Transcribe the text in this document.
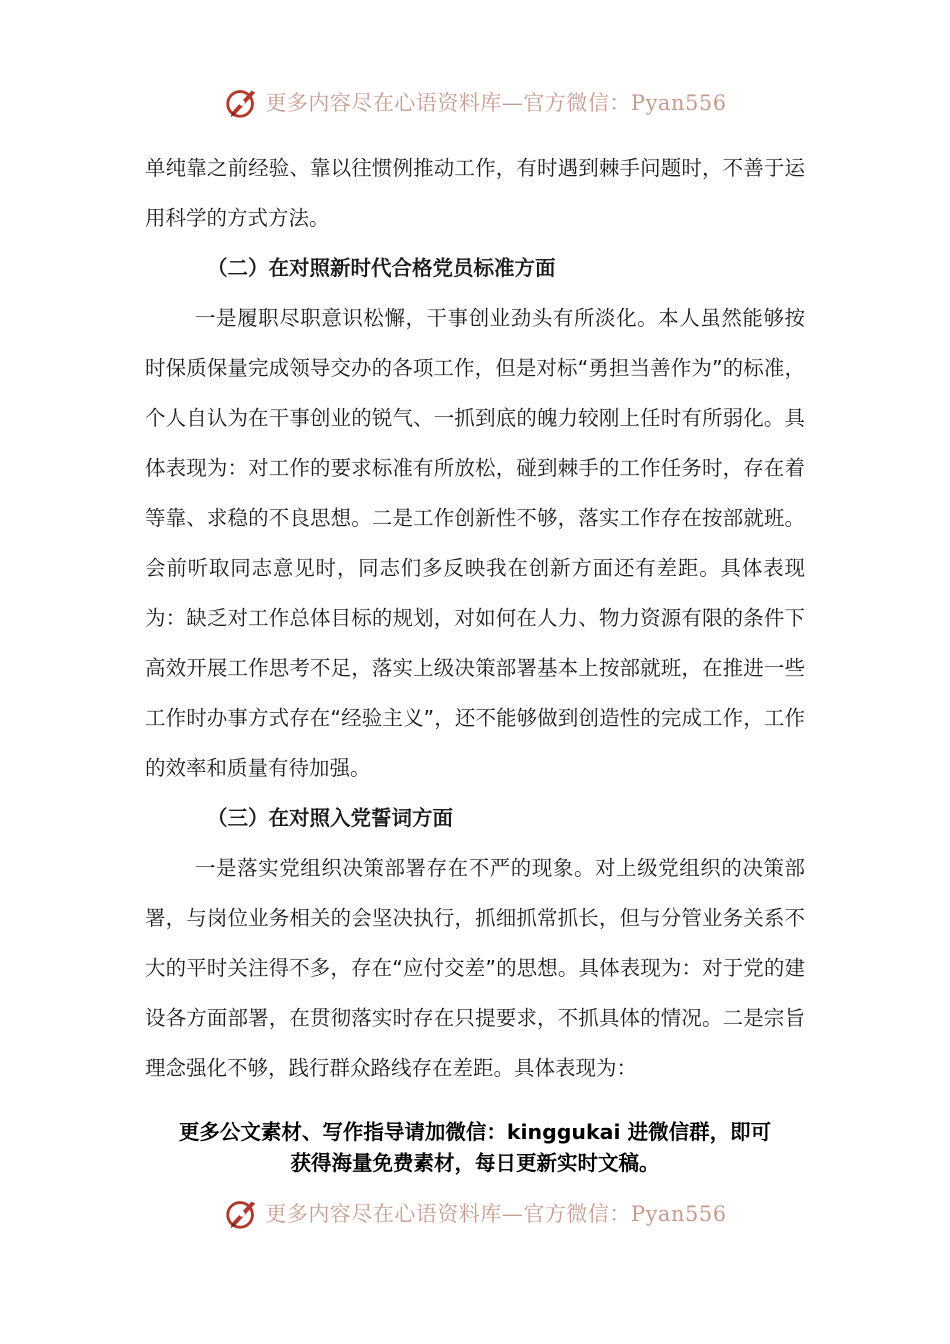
更多内容尽在心语资料库—官方微信：Pyan556

单纯靠之前经验、靠以往惯例推动工作，有时遇到棘手问题时，不善于运用科学的方式方法。

（二）在对照新时代合格党员标准方面

一是履职尽职意识松懈，干事创业劲头有所淡化。本人虽然能够按时保质保量完成领导交办的各项工作，但是对标“勇担当善作为”的标准，个人自认为在干事创业的锐气、一抓到底的魄力较刚上任时有所弱化。具体表现为：对工作的要求标准有所放松，碰到棘手的工作任务时，存在着等靠、求稳的不良思想。二是工作创新性不够，落实工作存在按部就班。会前听取同志意见时，同志们多反映我在创新方面还有差距。具体表现为：缺乏对工作总体目标的规划，对如何在人力、物力资源有限的条件下高效开展工作思考不足，落实上级决策部署基本上按部就班，在推进一些工作时办事方式存在“经验主义”，还不能够做到创造性的完成工作，工作的效率和质量有待加强。

（三）在对照入党誓词方面

一是落实党组织决策部署存在不严的现象。对上级党组织的决策部署，与岗位业务相关的会坚决执行，抓细抓常抓长，但与分管业务关系不大的平时关注得不多，存在“应付交差”的思想。具体表现为：对于党的建设各方面部署，在贯彻落实时存在只提要求，不抓具体的情况。二是宗旨理念强化不够，践行群众路线存在差距。具体表现为：

更多公文素材、写作指导请加微信：kinggukai 进微信群，即可
获得海量免费素材，每日更新实时文稿。
更多内容尽在心语资料库—官方微信：Pyan556
